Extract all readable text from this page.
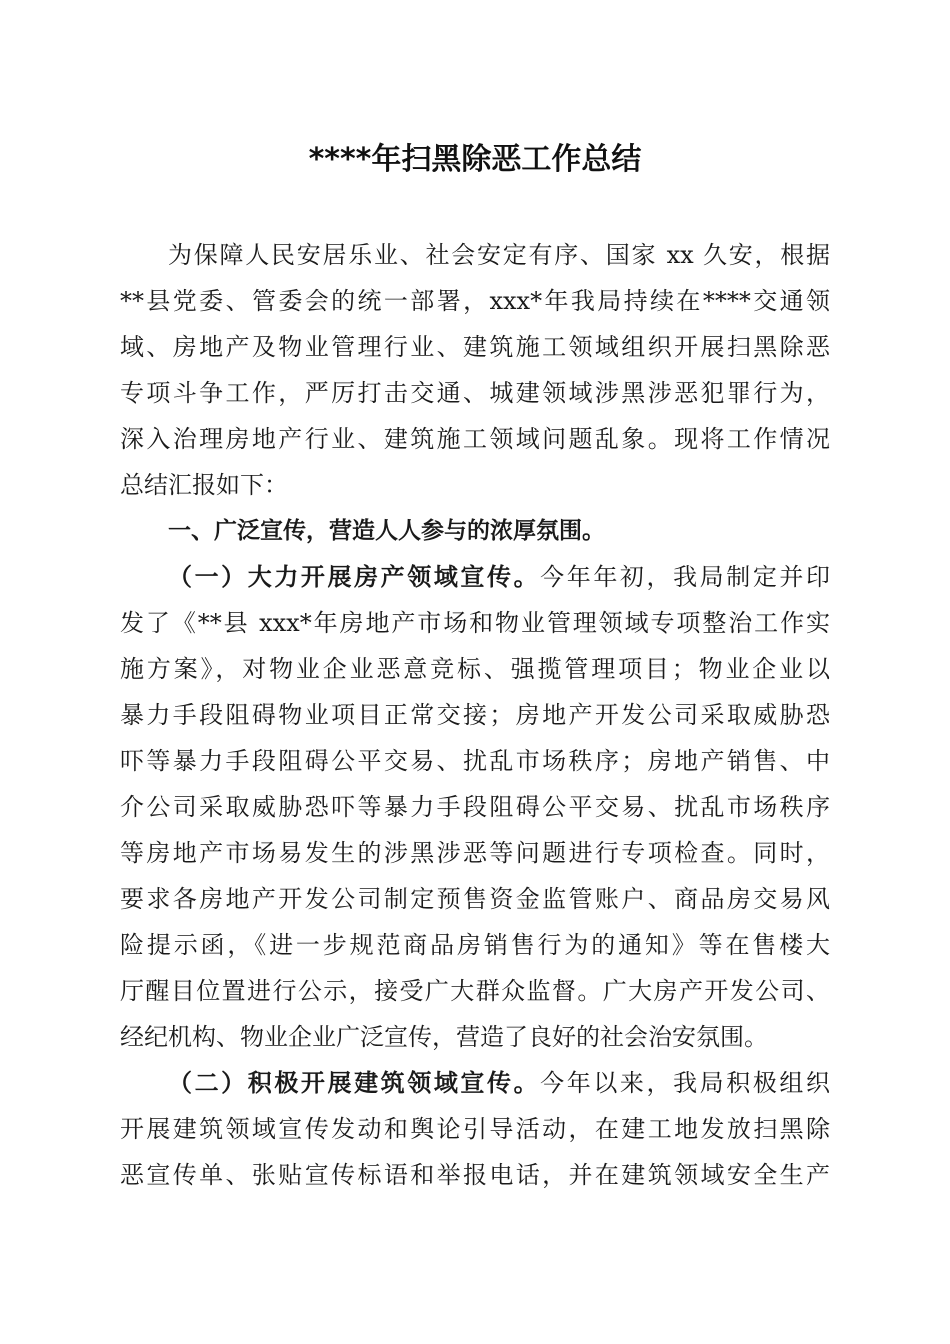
****年扫黑除恶工作总结
为保障人民安居乐业、社会安定有序、国家 xx 久安，根据
**县党委、管委会的统一部署，xxx*年我局持续在****交通领
域、房地产及物业管理行业、建筑施工领域组织开展扫黑除恶
专项斗争工作，严厉打击交通、城建领域涉黑涉恶犯罪行为，
深入治理房地产行业、建筑施工领域问题乱象。现将工作情况
总结汇报如下：
一、广泛宣传，营造人人参与的浓厚氛围。
（一）大力开展房产领域宣传。今年年初，我局制定并印
发了《**县 xxx*年房地产市场和物业管理领域专项整治工作实
施方案》，对物业企业恶意竞标、强揽管理项目；物业企业以
暴力手段阻碍物业项目正常交接；房地产开发公司采取威胁恐
吓等暴力手段阻碍公平交易、扰乱市场秩序；房地产销售、中
介公司采取威胁恐吓等暴力手段阻碍公平交易、扰乱市场秩序
等房地产市场易发生的涉黑涉恶等问题进行专项检查。同时，
要求各房地产开发公司制定预售资金监管账户、商品房交易风
险提示函，《进一步规范商品房销售行为的通知》等在售楼大
厅醒目位置进行公示，接受广大群众监督。广大房产开发公司、
经纪机构、物业企业广泛宣传，营造了良好的社会治安氛围。
（二）积极开展建筑领域宣传。今年以来，我局积极组织
开展建筑领域宣传发动和舆论引导活动，在建工地发放扫黑除
恶宣传单、张贴宣传标语和举报电话，并在建筑领域安全生产
